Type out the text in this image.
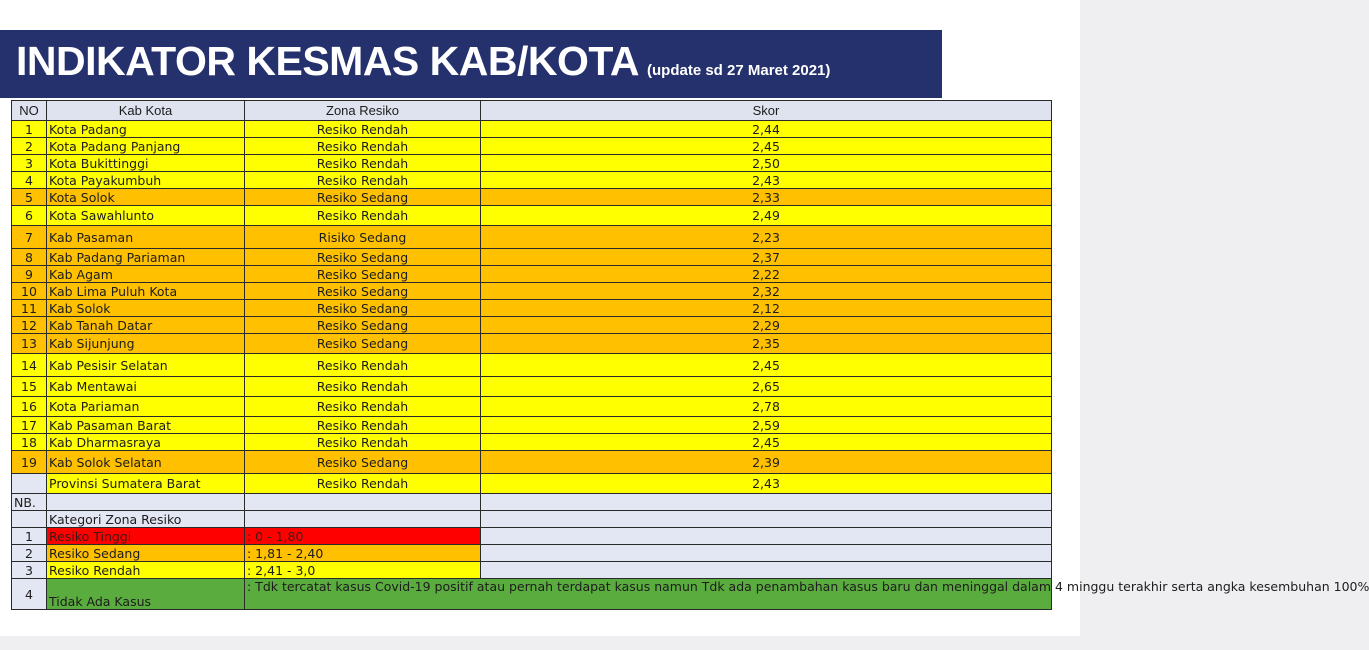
INDIKATOR KESMAS KAB/KOTA (update sd 27 Maret 2021)
NO	Kab Kota	Zona Resiko	Skor
1	Kota Padang	Resiko Rendah	2,44
2	Kota Padang Panjang	Resiko Rendah	2,45
3	Kota Bukittinggi	Resiko Rendah	2,50
4	Kota Payakumbuh	Resiko Rendah	2,43
5	Kota Solok	Resiko Sedang	2,33
6	Kota Sawahlunto	Resiko Rendah	2,49
7	Kab Pasaman	Risiko Sedang	2,23
8	Kab Padang Pariaman	Resiko Sedang	2,37
9	Kab Agam	Resiko Sedang	2,22
10	Kab Lima Puluh Kota	Resiko Sedang	2,32
11	Kab Solok	Resiko Sedang	2,12
12	Kab Tanah Datar	Resiko Sedang	2,29
13	Kab Sijunjung	Resiko Sedang	2,35
14	Kab Pesisir Selatan	Resiko Rendah	2,45
15	Kab Mentawai	Resiko Rendah	2,65
16	Kota Pariaman	Resiko Rendah	2,78
17	Kab Pasaman Barat	Resiko Rendah	2,59
18	Kab Dharmasraya	Resiko Rendah	2,45
19	Kab Solok Selatan	Resiko Sedang	2,39
	Provinsi Sumatera Barat	Resiko Rendah	2,43
NB.			
	Kategori Zona Resiko		
1	Resiko Tinggi	: 0 - 1,80	
2	Resiko Sedang	: 1,81 - 2,40	
3	Resiko Rendah	: 2,41 - 3,0	
4	Tidak Ada Kasus	: Tdk tercatat kasus Covid-19 positif atau pernah terdapat kasus namun Tdk ada penambahan kasus baru dan meninggal dalam 4 minggu terakhir serta angka kesembuhan 100%	
